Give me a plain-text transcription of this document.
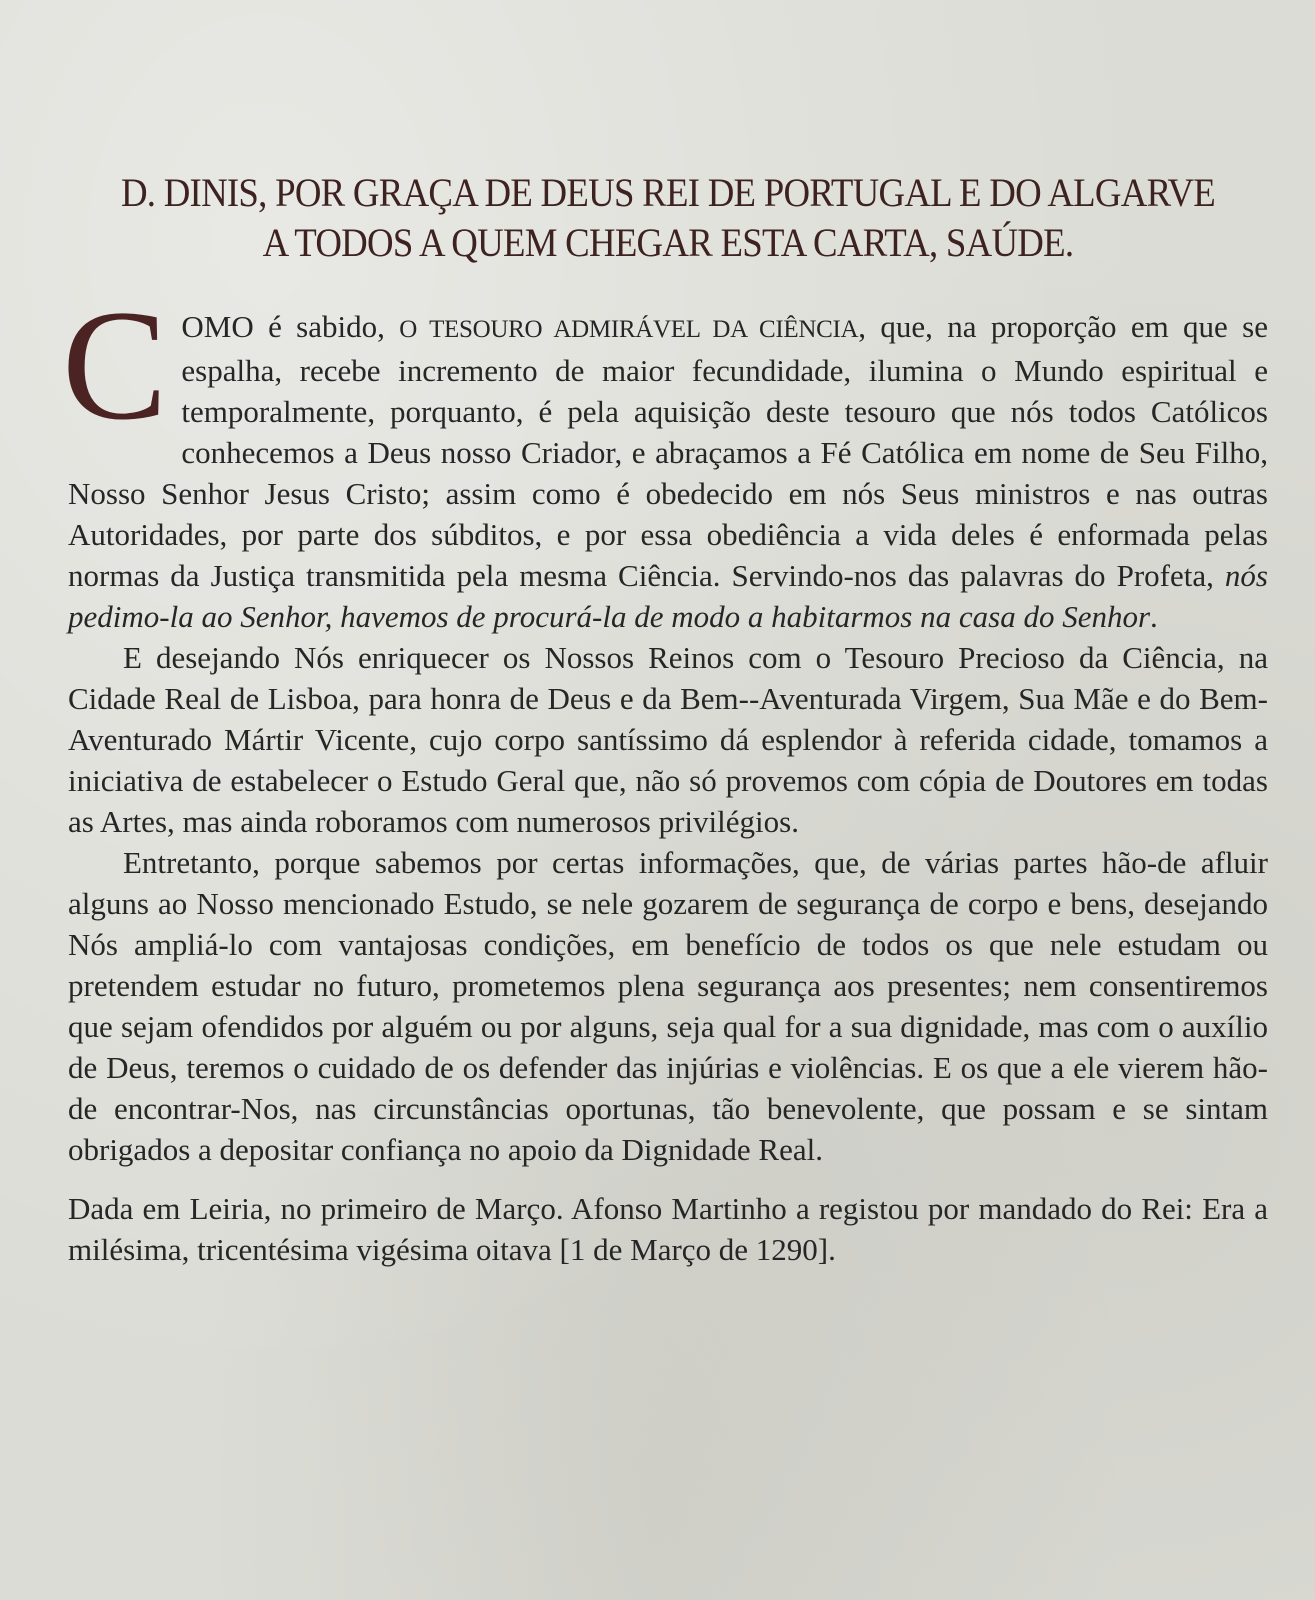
D. DINIS, POR GRAÇA DE DEUS REI DE PORTUGAL E DO ALGARVE
A TODOS A QUEM CHEGAR ESTA CARTA, SAÚDE.

COMO é sabido, O TESOURO ADMIRÁVEL DA CIÊNCIA, que, na proporção em que se espalha, recebe incremento de maior fecundidade, ilumina o Mundo espiritual e temporalmente, porquanto, é pela aquisição deste tesouro que nós todos Católicos conhecemos a Deus nosso Criador, e abraçamos a Fé Católica em nome de Seu Filho, Nosso Senhor Jesus Cristo; assim como é obedecido em nós Seus ministros e nas outras Autoridades, por parte dos súbditos, e por essa obediência a vida deles é enformada pelas normas da Justiça transmitida pela mesma Ciência. Servindo-nos das palavras do Profeta, nós pedimo-la ao Senhor, havemos de procurá-la de modo a habitarmos na casa do Senhor.

E desejando Nós enriquecer os Nossos Reinos com o Tesouro Precioso da Ciência, na Cidade Real de Lisboa, para honra de Deus e da Bem--Aventurada Virgem, Sua Mãe e do Bem-Aventurado Mártir Vicente, cujo corpo santíssimo dá esplendor à referida cidade, tomamos a iniciativa de estabelecer o Estudo Geral que, não só provemos com cópia de Doutores em todas as Artes, mas ainda roboramos com numerosos privilégios.

Entretanto, porque sabemos por certas informações, que, de várias partes hão-de afluir alguns ao Nosso mencionado Estudo, se nele gozarem de segurança de corpo e bens, desejando Nós ampliá-lo com vantajosas condições, em benefício de todos os que nele estudam ou pretendem estudar no futuro, prometemos plena segurança aos presentes; nem consentiremos que sejam ofendidos por alguém ou por alguns, seja qual for a sua dignidade, mas com o auxílio de Deus, teremos o cuidado de os defender das injúrias e violências. E os que a ele vierem hão-de encontrar-Nos, nas circunstâncias oportunas, tão benevolente, que possam e se sintam obrigados a depositar confiança no apoio da Dignidade Real.

Dada em Leiria, no primeiro de Março. Afonso Martinho a registou por mandado do Rei: Era a milésima, tricentésima vigésima oitava [1 de Março de 1290].
